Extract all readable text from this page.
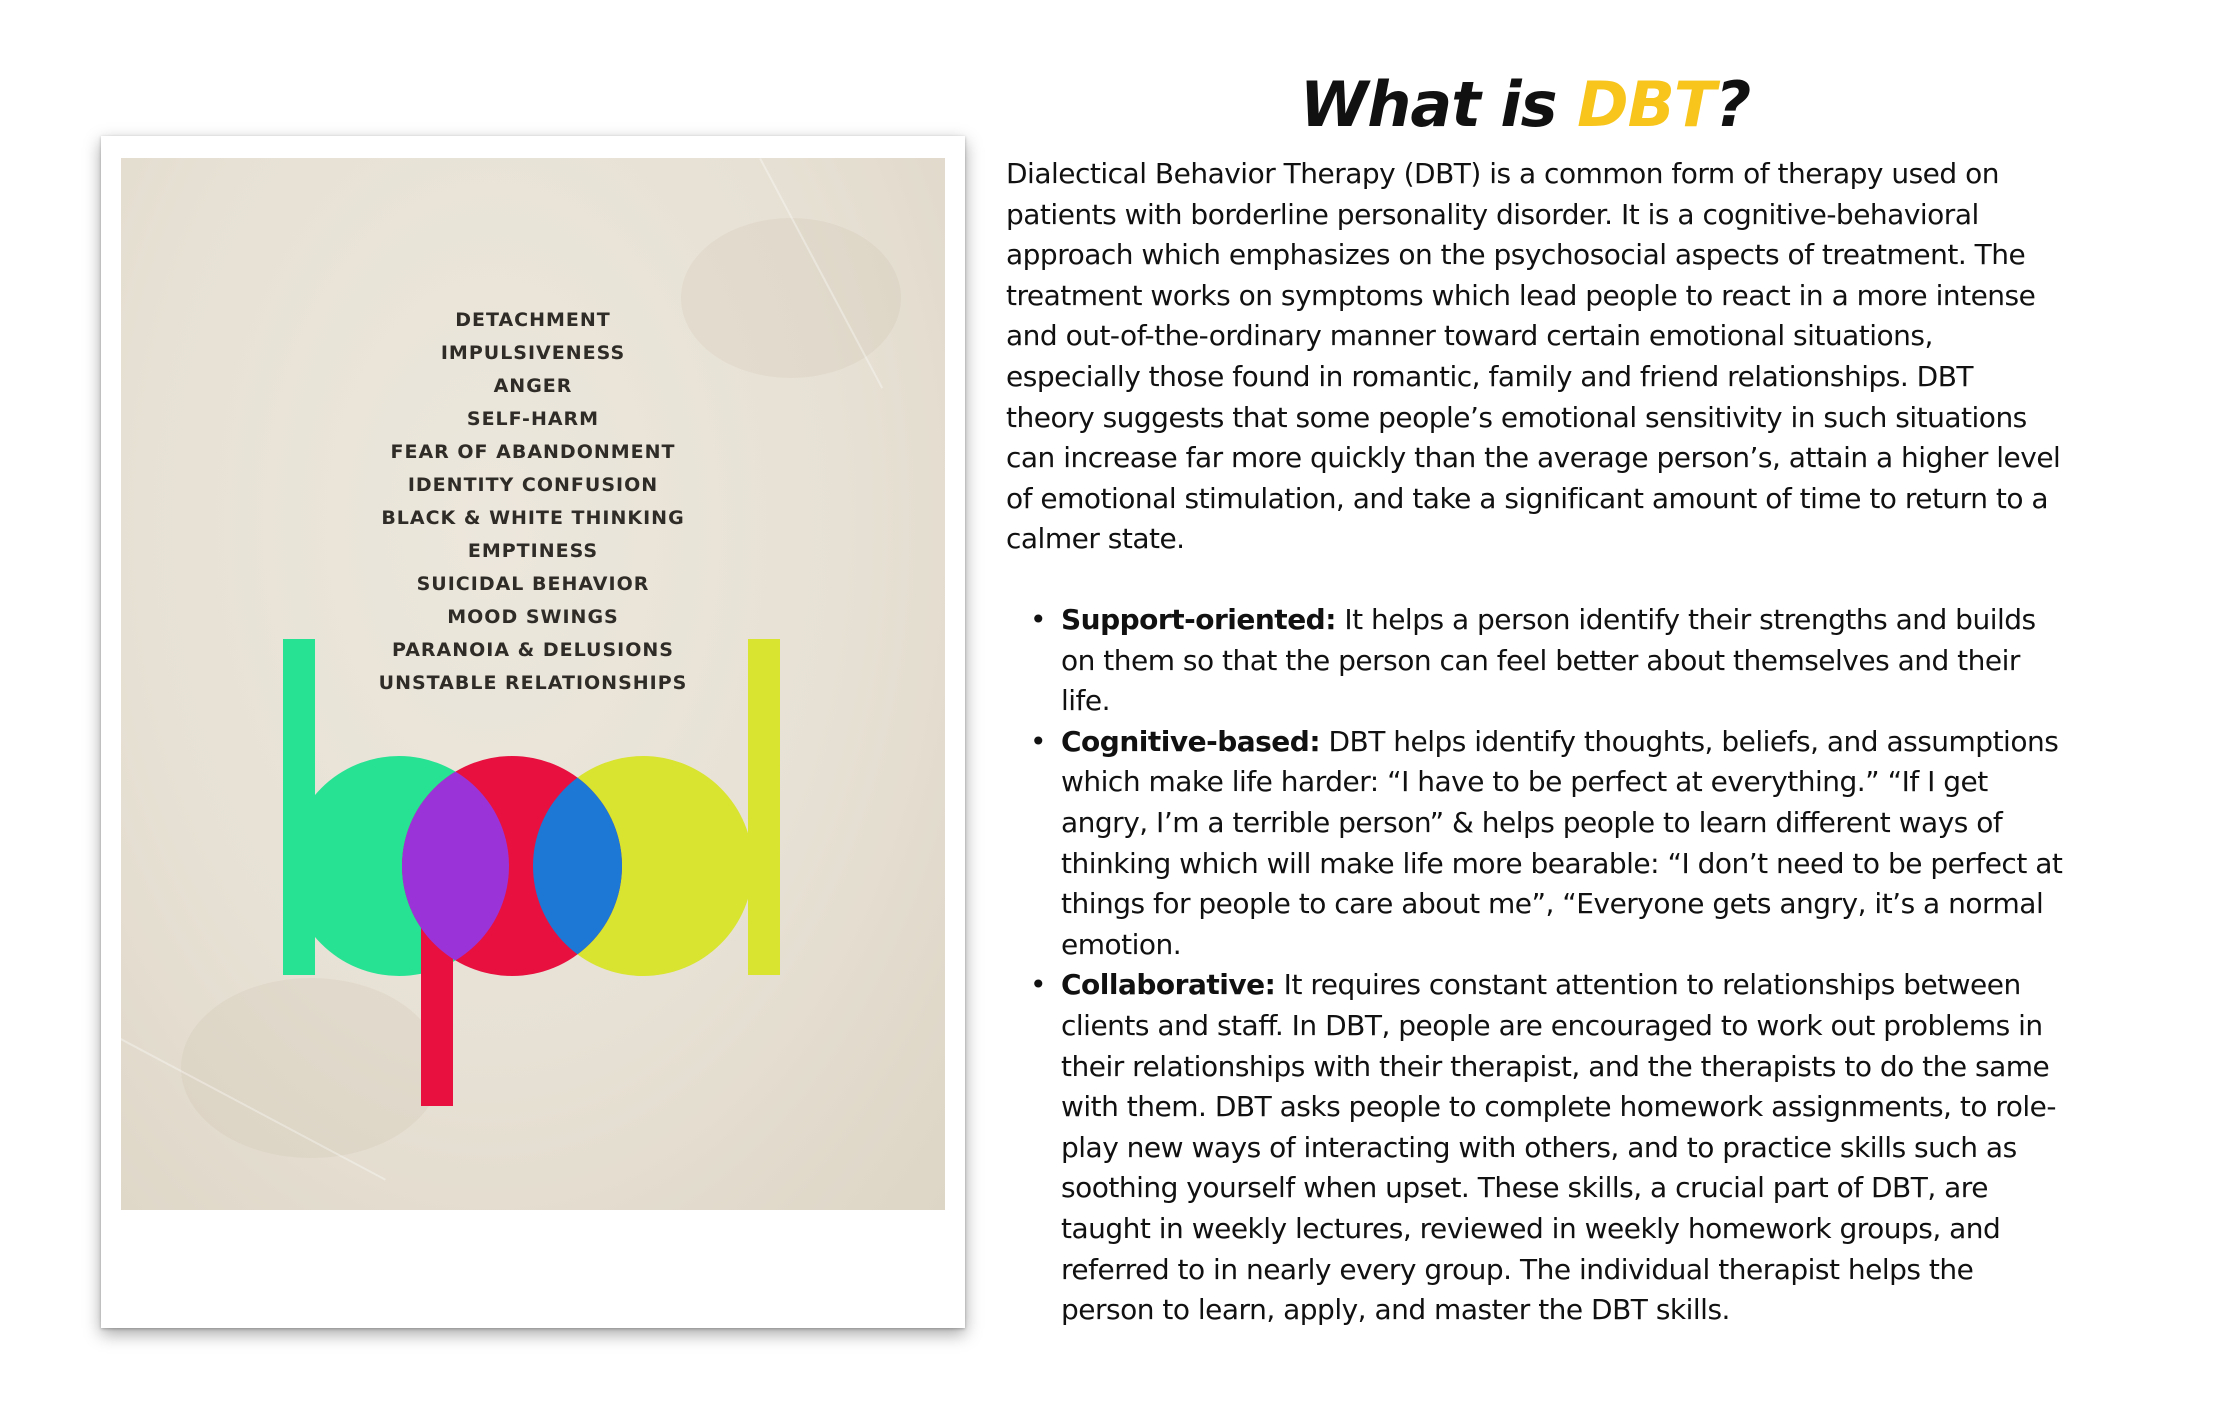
DETACHMENT
IMPULSIVENESS
ANGER
SELF-HARM
FEAR OF ABANDONMENT
IDENTITY CONFUSION
BLACK & WHITE THINKING
EMPTINESS
SUICIDAL BEHAVIOR
MOOD SWINGS
PARANOIA & DELUSIONS
UNSTABLE RELATIONSHIPS
What is DBT?

Dialectical Behavior Therapy (DBT) is a common form of therapy used on patients with borderline personality disorder. It is a cognitive-behavioral approach which emphasizes on the psychosocial aspects of treatment. The treatment works on symptoms which lead people to react in a more intense and out-of-the-ordinary manner toward certain emotional situations, especially those found in romantic, family and friend relationships. DBT theory suggests that some people’s emotional sensitivity in such situations can increase far more quickly than the average person’s, attain a higher level of emotional stimulation, and take a significant amount of time to return to a calmer state.

• Support-oriented: It helps a person identify their strengths and builds on them so that the person can feel better about themselves and their life.
• Cognitive-based: DBT helps identify thoughts, beliefs, and assumptions which make life harder: “I have to be perfect at everything.” “If I get angry, I’m a terrible person” & helps people to learn different ways of thinking which will make life more bearable: “I don’t need to be perfect at things for people to care about me”, “Everyone gets angry, it’s a normal emotion.
• Collaborative: It requires constant attention to relationships between clients and staff. In DBT, people are encouraged to work out problems in their relationships with their therapist, and the therapists to do the same with them. DBT asks people to complete homework assignments, to role-play new ways of interacting with others, and to practice skills such as soothing yourself when upset. These skills, a crucial part of DBT, are taught in weekly lectures, reviewed in weekly homework groups, and referred to in nearly every group. The individual therapist helps the person to learn, apply, and master the DBT skills.
